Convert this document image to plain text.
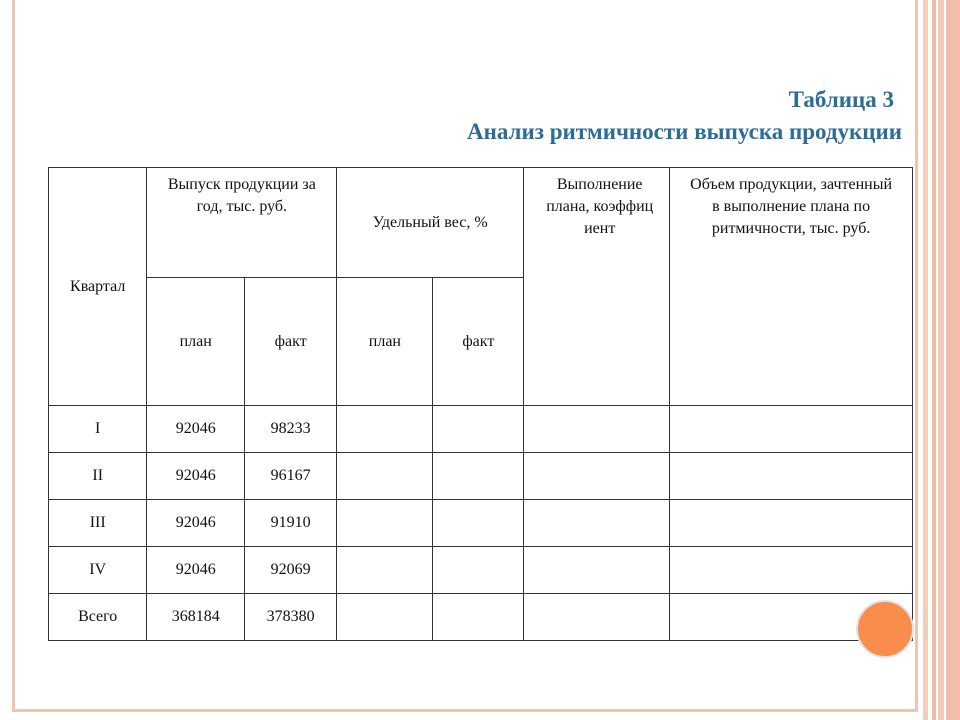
Таблица 3
Анализ ритмичности выпуска продукции
Квартал	Выпуск продукции за год, тыс. руб.		Удельный вес, %		Выполнение плана, коэффиц иент	Объем продукции, зачтенный в выполнение плана по ритмичности, тыс. руб.
	план	факт	план	факт		
I	92046	98233				
II	92046	96167				
III	92046	91910				
IV	92046	92069				
Всего	368184	378380				
